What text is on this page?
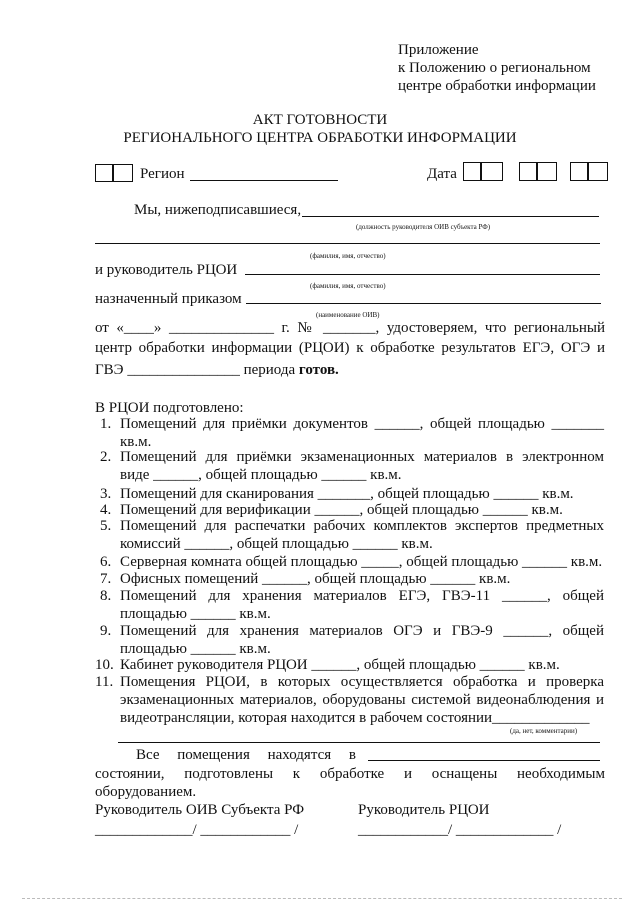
Приложение
к Положению о региональном
центре обработки информации
АКТ ГОТОВНОСТИ
РЕГИОНАЛЬНОГО ЦЕНТРА ОБРАБОТКИ ИНФОРМАЦИИ
Регион	Дата
Мы, нижеподписавшиеся,
(должность руководителя ОИВ субъекта РФ)
(фамилия, имя, отчество)
и руководитель РЦОИ
(фамилия, имя, отчество)
назначенный приказом
(наименование ОИВ)
от «____» ______________ г. № _______, удостоверяем, что региональный
центр обработки информации (РЦОИ) к обработке результатов ЕГЭ, ОГЭ и
ГВЭ _______________ периода готов.
В РЦОИ подготовлено:
1. Помещений для приёмки документов ______, общей площадью _______
кв.м.
2. Помещений для приёмки экзаменационных материалов в электронном
виде ______, общей площадью ______ кв.м.
3. Помещений для сканирования _______, общей площадью ______ кв.м.
4. Помещений для верификации ______, общей площадью ______ кв.м.
5. Помещений для распечатки рабочих комплектов экспертов предметных
комиссий ______, общей площадью ______ кв.м.
6. Серверная комната общей площадью _____, общей площадью ______ кв.м.
7. Офисных помещений ______, общей площадью ______ кв.м.
8. Помещений для хранения материалов ЕГЭ, ГВЭ-11 ______, общей
площадью ______ кв.м.
9. Помещений для хранения материалов ОГЭ и ГВЭ-9 ______, общей
площадью ______ кв.м.
10. Кабинет руководителя РЦОИ ______, общей площадью ______ кв.м.
11. Помещения РЦОИ, в которых осуществляется обработка и проверка
экзаменационных материалов, оборудованы системой видеонаблюдения и
видеотрансляции, которая находится в рабочем состоянии_____________
(да, нет, комментарии)
Все помещения находятся в
состоянии, подготовлены к обработке и оснащены необходимым
оборудованием.
Руководитель ОИВ Субъекта РФ	Руководитель РЦОИ
_____________/ ____________ /	____________/ _____________ /
